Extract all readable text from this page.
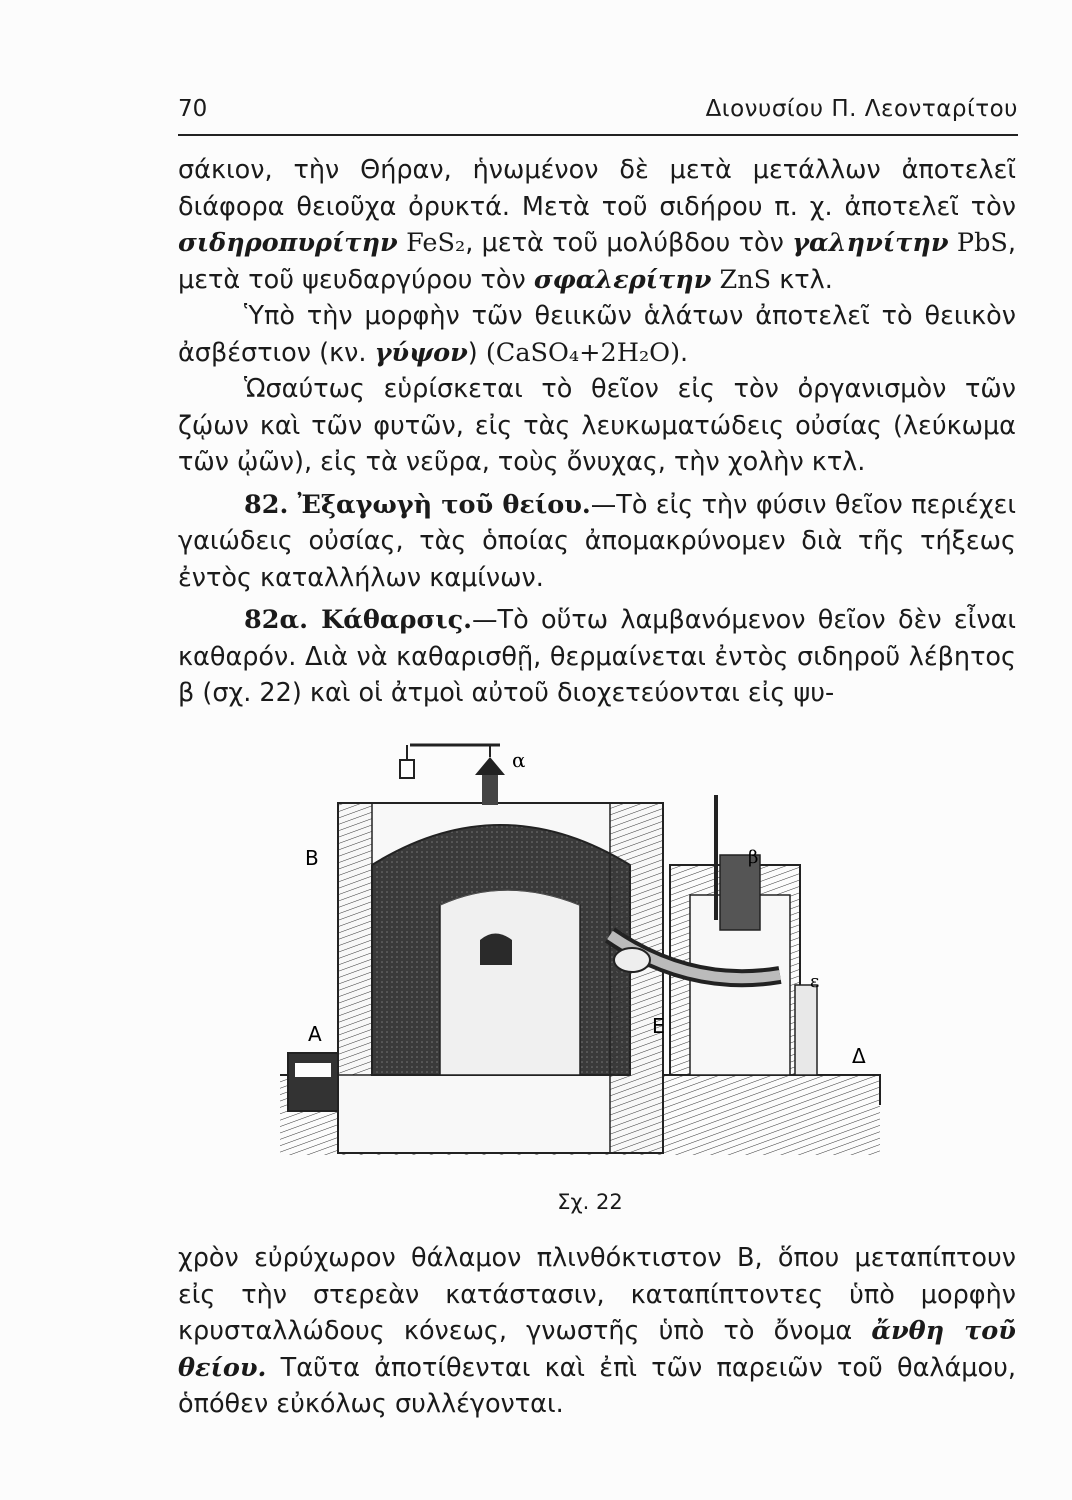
70	Διονυσίου Π. Λεονταρίτου

σάκιον, τὴν Θήραν, ἡνωμένον δὲ μετὰ μετάλλων ἀποτελεῖ διάφορα θειοῦχα ὀρυκτά. Μετὰ τοῦ σιδήρου π. χ. ἀποτελεῖ τὸν σιδηροπυρίτην FeS₂, μετὰ τοῦ μολύβδου τὸν γαληνίτην PbS, μετὰ τοῦ ψευδαργύρου τὸν σφαλερίτην ZnS κτλ.

Ὑπὸ τὴν μορφὴν τῶν θειικῶν ἁλάτων ἀποτελεῖ τὸ θειικὸν ἀσβέστιον (κν. γύψον) (CaSO₄+2H₂O).

Ὡσαύτως εὑρίσκεται τὸ θεῖον εἰς τὸν ὀργανισμὸν τῶν ζῴων καὶ τῶν φυτῶν, εἰς τὰς λευκωματώδεις οὐσίας (λεύκωμα τῶν ᾠῶν), εἰς τὰ νεῦρα, τοὺς ὄνυχας, τὴν χολὴν κτλ.

82. Ἐξαγωγὴ τοῦ θείου.—Τὸ εἰς τὴν φύσιν θεῖον περιέχει γαιώδεις οὐσίας, τὰς ὁποίας ἀπομακρύνομεν διὰ τῆς τήξεως ἐντὸς καταλλήλων καμίνων.

82α. Κάθαρσις.—Τὸ οὕτω λαμβανόμενον θεῖον δὲν εἶναι καθαρόν. Διὰ νὰ καθαρισθῇ, θερμαίνεται ἐντὸς σιδηροῦ λέβητος β (σχ. 22) καὶ οἱ ἀτμοὶ αὐτοῦ διοχετεύονται εἰς ψυ-

α
Β	β
Ε
ε
Δ
Α
Σχ. 22

χρὸν εὐρύχωρον θάλαμον πλινθόκτιστον Β, ὅπου μεταπίπτουν εἰς τὴν στερεὰν κατάστασιν, καταπίπτοντες ὑπὸ μορφὴν κρυσταλλώδους κόνεως, γνωστῆς ὑπὸ τὸ ὄνομα ἄνθη τοῦ θείου. Ταῦτα ἀποτίθενται καὶ ἐπὶ τῶν παρειῶν τοῦ θαλάμου, ὁπόθεν εὐκόλως συλλέγονται.
